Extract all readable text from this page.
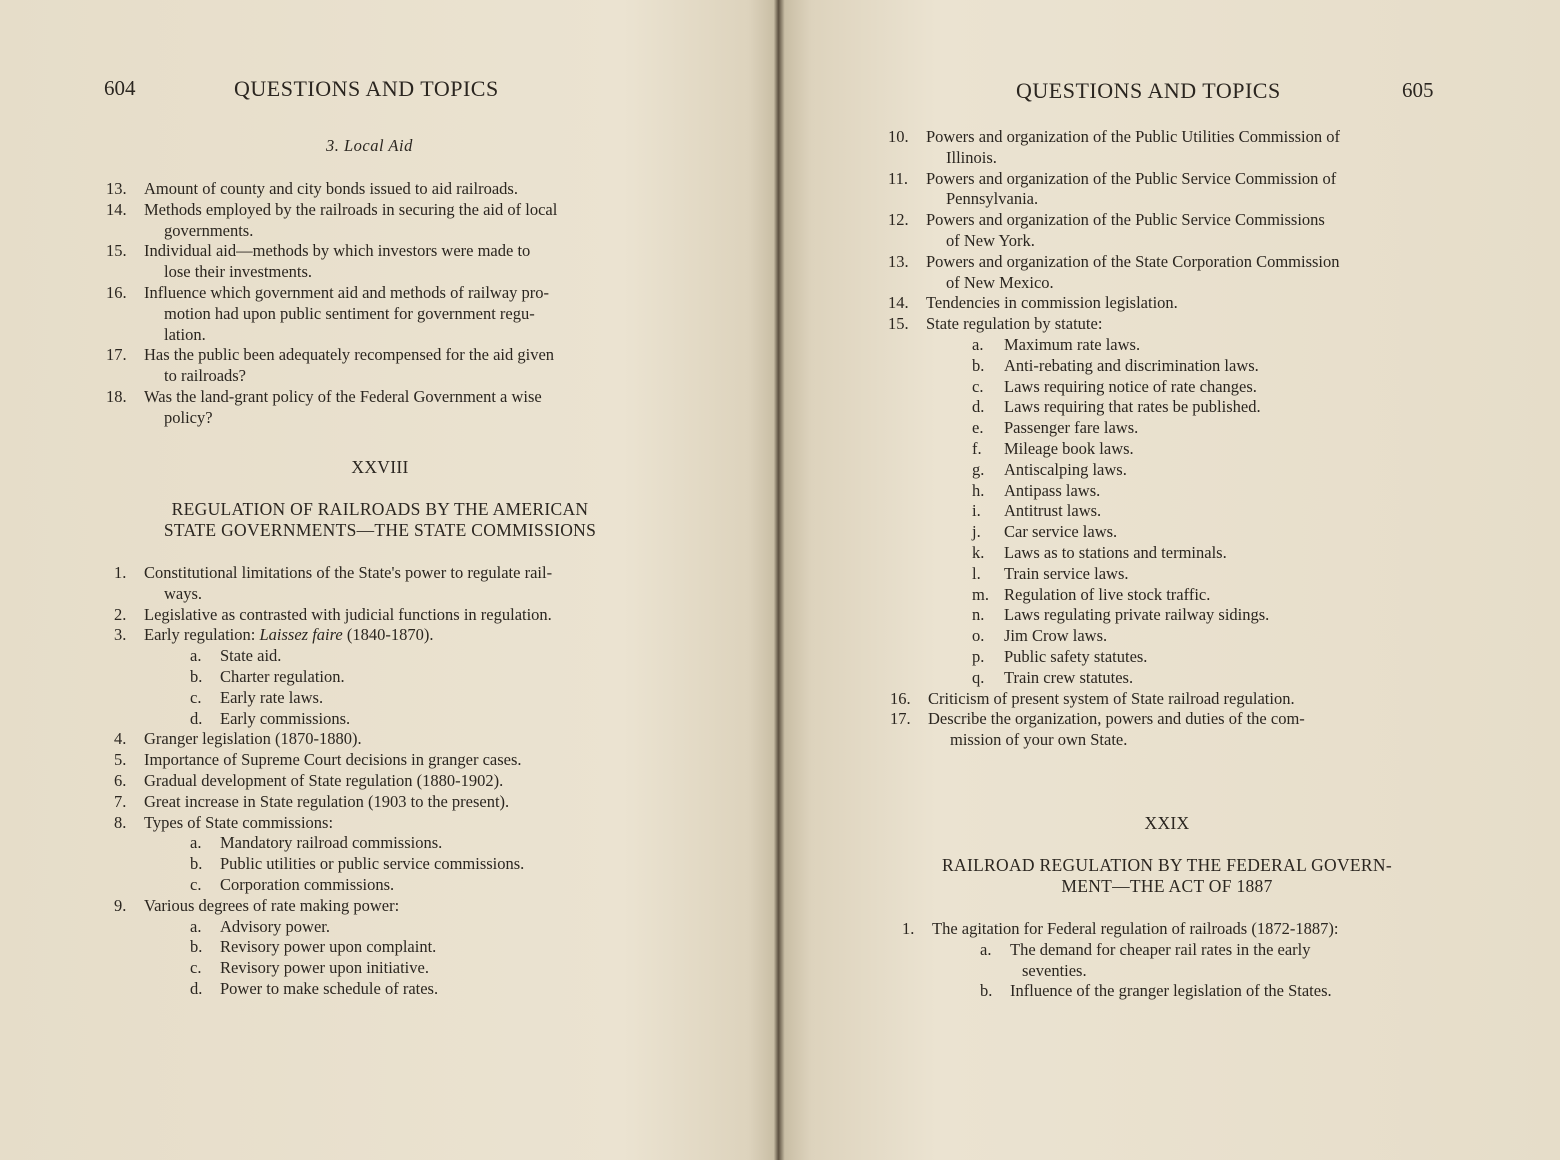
604	QUESTIONS AND TOPICS
3. Local Aid
13. Amount of county and city bonds issued to aid railroads.
14. Methods employed by the railroads in securing the aid of local
governments.
15. Individual aid—methods by which investors were made to
lose their investments.
16. Influence which government aid and methods of railway pro-
motion had upon public sentiment for government regu-
lation.
17. Has the public been adequately recompensed for the aid given
to railroads?
18. Was the land-grant policy of the Federal Government a wise
policy?
XXVIII
REGULATION OF RAILROADS BY THE AMERICAN
STATE GOVERNMENTS—THE STATE COMMISSIONS
1. Constitutional limitations of the State's power to regulate rail-
ways.
2. Legislative as contrasted with judicial functions in regulation.
3. Early regulation: Laissez faire (1840-1870).
a. State aid.
b. Charter regulation.
c. Early rate laws.
d. Early commissions.
4. Granger legislation (1870-1880).
5. Importance of Supreme Court decisions in granger cases.
6. Gradual development of State regulation (1880-1902).
7. Great increase in State regulation (1903 to the present).
8. Types of State commissions:
a. Mandatory railroad commissions.
b. Public utilities or public service commissions.
c. Corporation commissions.
9. Various degrees of rate making power:
a. Advisory power.
b. Revisory power upon complaint.
c. Revisory power upon initiative.
d. Power to make schedule of rates.
QUESTIONS AND TOPICS	605
10. Powers and organization of the Public Utilities Commission of
Illinois.
11. Powers and organization of the Public Service Commission of
Pennsylvania.
12. Powers and organization of the Public Service Commissions
of New York.
13. Powers and organization of the State Corporation Commission
of New Mexico.
14. Tendencies in commission legislation.
15. State regulation by statute:
a. Maximum rate laws.
b. Anti-rebating and discrimination laws.
c. Laws requiring notice of rate changes.
d. Laws requiring that rates be published.
e. Passenger fare laws.
f. Mileage book laws.
g. Antiscalping laws.
h. Antipass laws.
i. Antitrust laws.
j. Car service laws.
k. Laws as to stations and terminals.
l. Train service laws.
m. Regulation of live stock traffic.
n. Laws regulating private railway sidings.
o. Jim Crow laws.
p. Public safety statutes.
q. Train crew statutes.
16. Criticism of present system of State railroad regulation.
17. Describe the organization, powers and duties of the com-
mission of your own State.
XXIX
RAILROAD REGULATION BY THE FEDERAL GOVERN-
MENT—THE ACT OF 1887
1. The agitation for Federal regulation of railroads (1872-1887):
a. The demand for cheaper rail rates in the early
seventies.
b. Influence of the granger legislation of the States.
